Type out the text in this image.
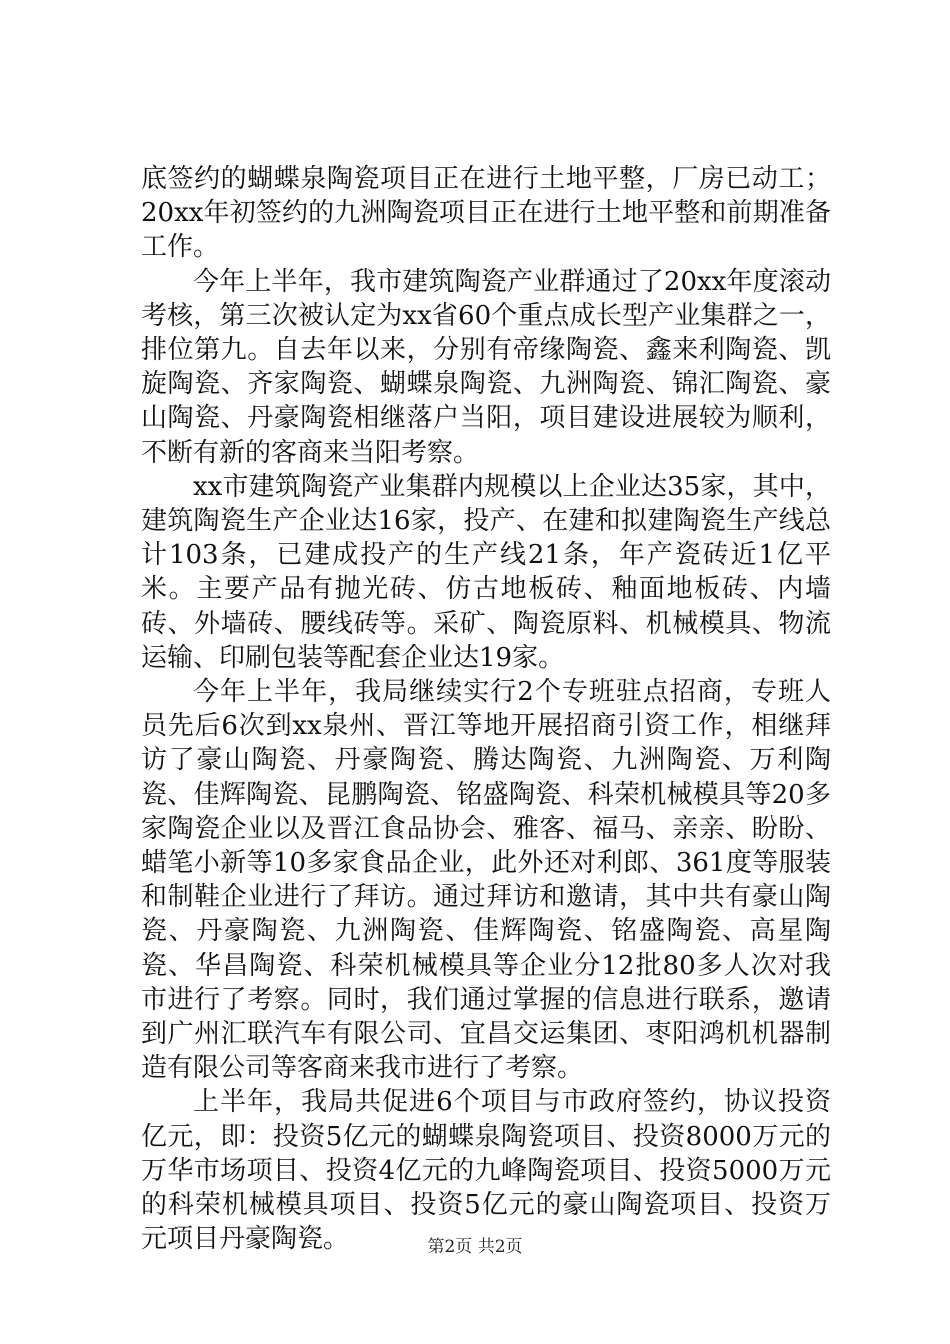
底签约的蝴蝶泉陶瓷项目正在进行土地平整，厂房已动工；20xx年初签约的九洲陶瓷项目正在进行土地平整和前期准备工作。

今年上半年，我市建筑陶瓷产业群通过了20xx年度滚动考核，第三次被认定为xx省60个重点成长型产业集群之一，排位第九。自去年以来，分别有帝缘陶瓷、鑫来利陶瓷、凯旋陶瓷、齐家陶瓷、蝴蝶泉陶瓷、九洲陶瓷、锦汇陶瓷、豪山陶瓷、丹豪陶瓷相继落户当阳，项目建设进展较为顺利，不断有新的客商来当阳考察。

xx市建筑陶瓷产业集群内规模以上企业达35家，其中，建筑陶瓷生产企业达16家，投产、在建和拟建陶瓷生产线总计103条，已建成投产的生产线21条，年产瓷砖近1亿平米。主要产品有抛光砖、仿古地板砖、釉面地板砖、内墙砖、外墙砖、腰线砖等。采矿、陶瓷原料、机械模具、物流运输、印刷包装等配套企业达19家。

今年上半年，我局继续实行2个专班驻点招商，专班人员先后6次到xx泉州、晋江等地开展招商引资工作，相继拜访了豪山陶瓷、丹豪陶瓷、腾达陶瓷、九洲陶瓷、万利陶瓷、佳辉陶瓷、昆鹏陶瓷、铭盛陶瓷、科荣机械模具等20多家陶瓷企业以及晋江食品协会、雅客、福马、亲亲、盼盼、蜡笔小新等10多家食品企业，此外还对利郎、361度等服装和制鞋企业进行了拜访。通过拜访和邀请，其中共有豪山陶瓷、丹豪陶瓷、九洲陶瓷、佳辉陶瓷、铭盛陶瓷、高星陶瓷、华昌陶瓷、科荣机械模具等企业分12批80多人次对我市进行了考察。同时，我们通过掌握的信息进行联系，邀请到广州汇联汽车有限公司、宜昌交运集团、枣阳鸿机机器制造有限公司等客商来我市进行了考察。

上半年，我局共促进6个项目与市政府签约，协议投资亿元，即：投资5亿元的蝴蝶泉陶瓷项目、投资8000万元的万华市场项目、投资4亿元的九峰陶瓷项目、投资5000万元的科荣机械模具项目、投资5亿元的豪山陶瓷项目、投资万元项目丹豪陶瓷。	第2页 共2页
